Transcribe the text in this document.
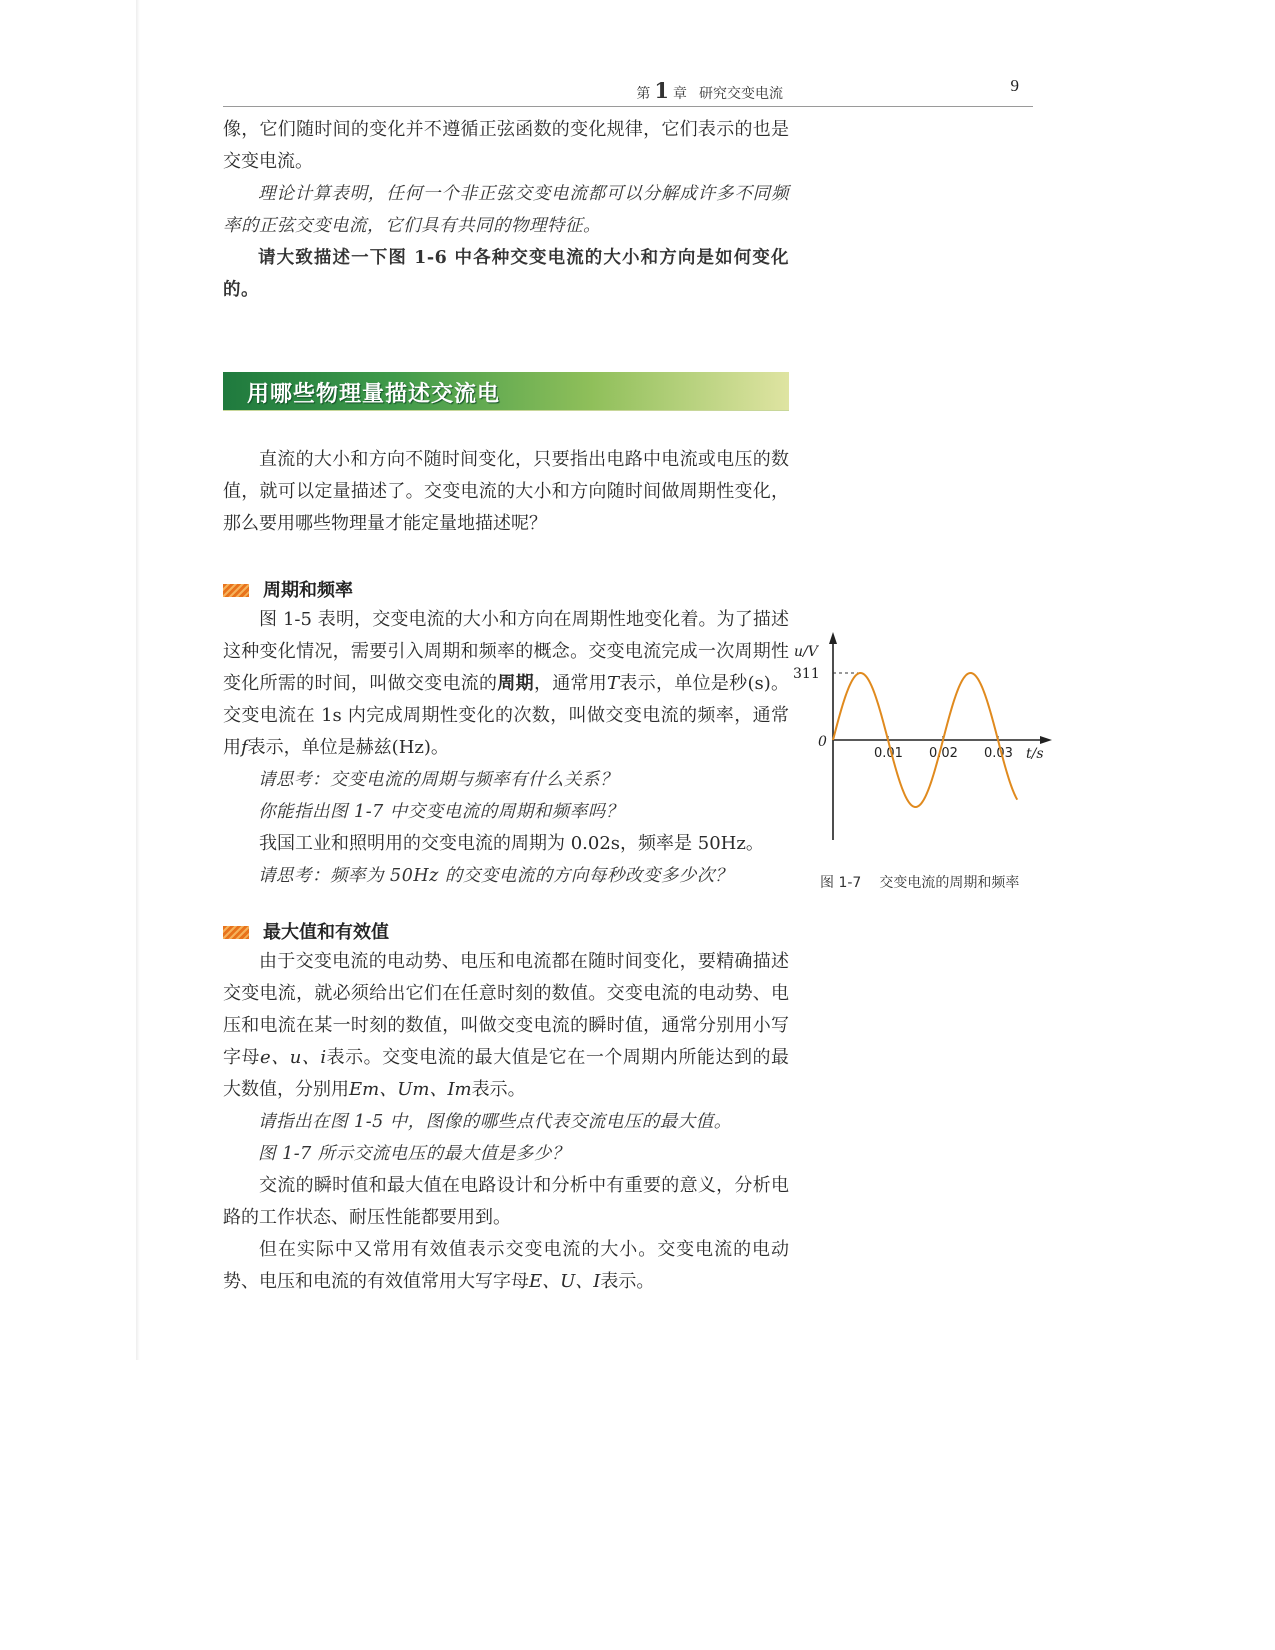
第 1 章 研究交变电流	9

像，它们随时间的变化并不遵循正弦函数的变化规律，它们表示的也是交变电流。

理论计算表明，任何一个非正弦交变电流都可以分解成许多不同频率的正弦交变电流，它们具有共同的物理特征。

请大致描述一下图 1-6 中各种交变电流的大小和方向是如何变化的。

用哪些物理量描述交流电

直流的大小和方向不随时间变化，只要指出电路中电流或电压的数值，就可以定量描述了。交变电流的大小和方向随时间做周期性变化，那么要用哪些物理量才能定量地描述呢？

周期和频率

图 1-5 表明，交变电流的大小和方向在周期性地变化着。为了描述这种变化情况，需要引入周期和频率的概念。交变电流完成一次周期性变化所需的时间，叫做交变电流的周期，通常用T表示，单位是秒(s)。交变电流在 1s 内完成周期性变化的次数，叫做交变电流的频率，通常用f表示，单位是赫兹(Hz)。

请思考：交变电流的周期与频率有什么关系？

你能指出图 1-7 中交变电流的周期和频率吗？

我国工业和照明用的交变电流的周期为 0.02s，频率是 50Hz。

请思考：频率为 50Hz 的交变电流的方向每秒改变多少次？

最大值和有效值

由于交变电流的电动势、电压和电流都在随时间变化，要精确描述交变电流，就必须给出它们在任意时刻的数值。交变电流的电动势、电压和电流在某一时刻的数值，叫做交变电流的瞬时值，通常分别用小写字母e、u、i表示。交变电流的最大值是它在一个周期内所能达到的最大数值，分别用Em、Um、Im表示。

请指出在图 1-5 中，图像的哪些点代表交流电压的最大值。

图 1-7 所示交流电压的最大值是多少？

交流的瞬时值和最大值在电路设计和分析中有重要的意义，分析电路的工作状态、耐压性能都要用到。

但在实际中又常用有效值表示交变电流的大小。交变电流的电动势、电压和电流的有效值常用大写字母E、U、I表示。

0.01 0.02 0.03
u/V
311
0
t/s
图 1-7 交变电流的周期和频率
